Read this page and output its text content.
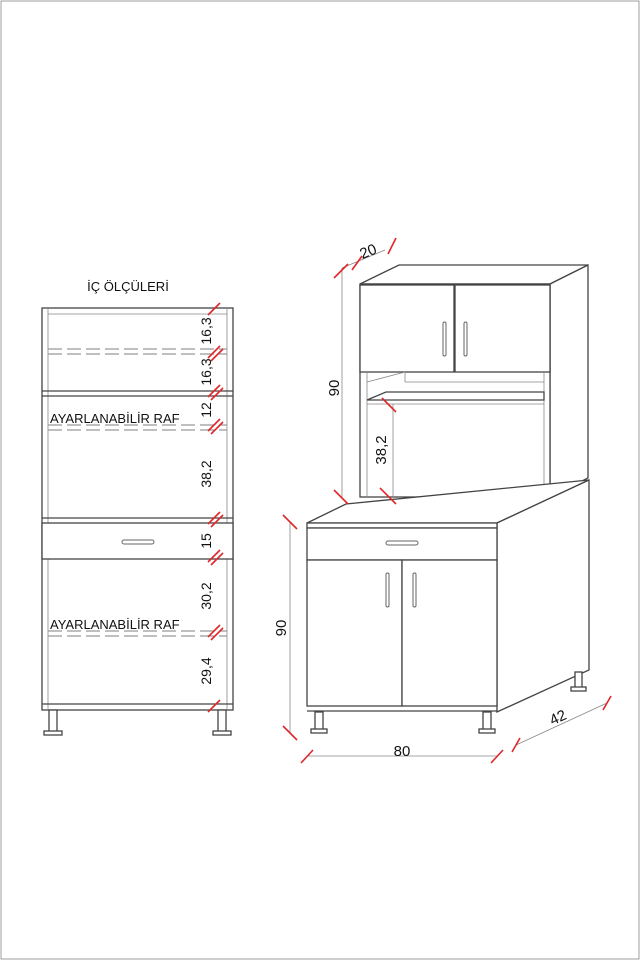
İÇ ÖLÇÜLERİ
AYARLANABİLİR RAF
AYARLANABİLİR RAF
16,3
16,3
12
38,2
15
30,2
29,4
20
90
38,2
90
80
42
